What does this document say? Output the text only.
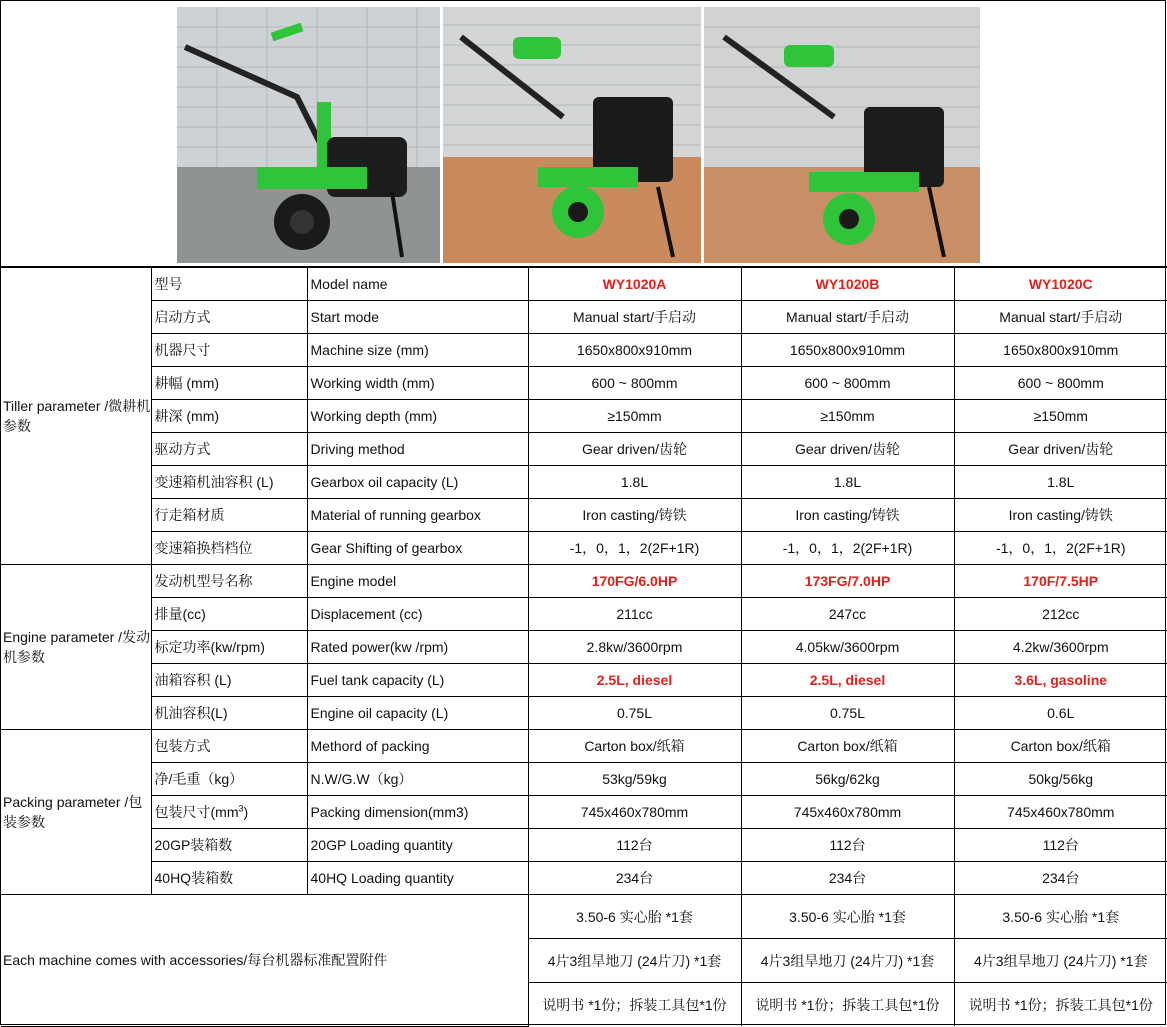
Tiller parameter /微耕机参数	型号	Model name	WY1020A	WY1020B	WY1020C
	启动方式	Start mode	Manual start/手启动	Manual start/手启动	Manual start/手启动
	机器尺寸	Machine size (mm)	1650x800x910mm	1650x800x910mm	1650x800x910mm
	耕幅 (mm)	Working width (mm)	600 ~ 800mm	600 ~ 800mm	600 ~ 800mm
	耕深 (mm)	Working depth (mm)	≥150mm	≥150mm	≥150mm
	驱动方式	Driving method	Gear driven/齿轮	Gear driven/齿轮	Gear driven/齿轮
	变速箱机油容积 (L)	Gearbox oil capacity (L)	1.8L	1.8L	1.8L
	行走箱材质	Material of running gearbox	Iron casting/铸铁	Iron casting/铸铁	Iron casting/铸铁
	变速箱换档档位	Gear Shifting of gearbox	-1，0，1，2(2F+1R)	-1，0，1，2(2F+1R)	-1，0，1，2(2F+1R)
Engine parameter /发动机参数	发动机型号名称	Engine model	170FG/6.0HP	173FG/7.0HP	170F/7.5HP
	排量(cc)	Displacement (cc)	211cc	247cc	212cc
	标定功率(kw/rpm)	Rated power(kw /rpm)	2.8kw/3600rpm	4.05kw/3600rpm	4.2kw/3600rpm
	油箱容积 (L)	Fuel tank capacity (L)	2.5L, diesel	2.5L, diesel	3.6L, gasoline
	机油容积(L)	Engine oil capacity (L)	0.75L	0.75L	0.6L
Packing parameter /包装参数	包装方式	Methord of packing	Carton box/纸箱	Carton box/纸箱	Carton box/纸箱
	净/毛重（kg）	N.W/G.W（kg）	53kg/59kg	56kg/62kg	50kg/56kg
	包装尺寸$(mm^3)$	Packing dimension(mm3)	745x460x780mm	745x460x780mm	745x460x780mm
	20GP装箱数	20GP Loading quantity	112台	112台	112台
	40HQ装箱数	40HQ Loading quantity	234台	234台	234台
Each machine comes with accessories/每台机器标准配置附件			3.50-6 实心胎 *1套	3.50-6 实心胎 *1套	3.50-6 实心胎 *1套
			4片3组旱地刀 (24片刀) *1套	4片3组旱地刀 (24片刀) *1套	4片3组旱地刀 (24片刀) *1套
			说明书 *1份；拆装工具包*1份	说明书 *1份；拆装工具包*1份	说明书 *1份；拆装工具包*1份
